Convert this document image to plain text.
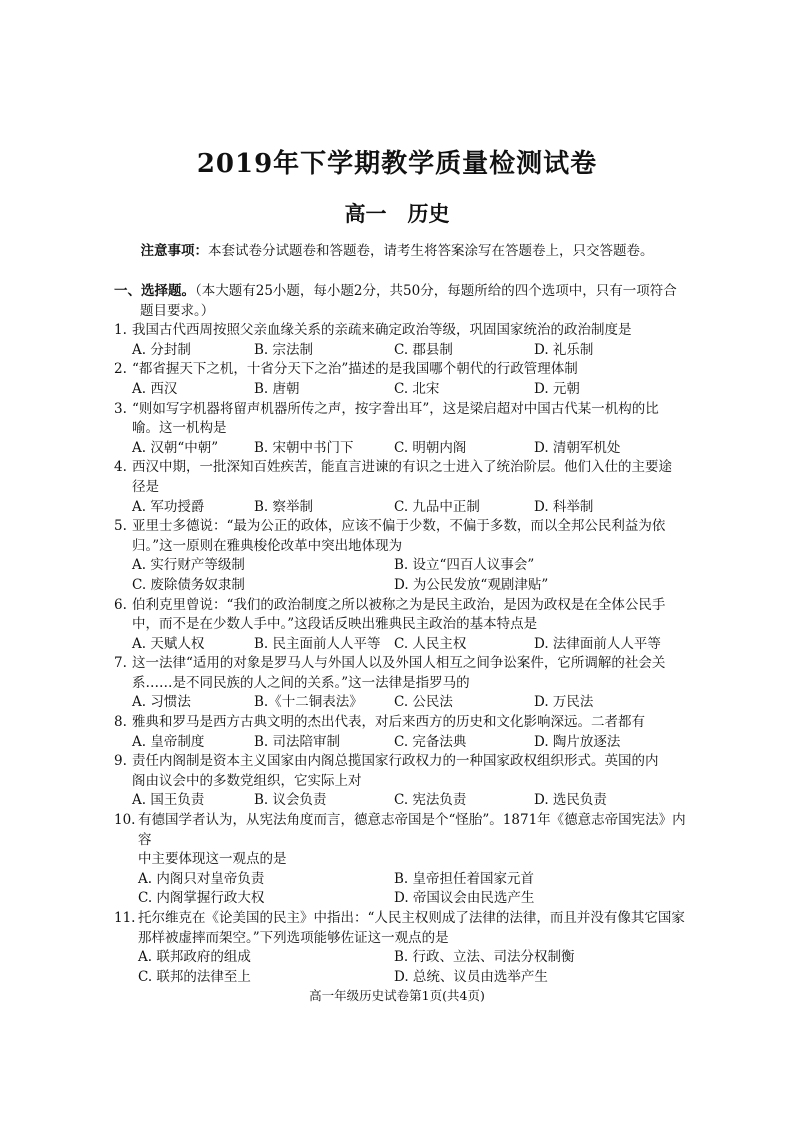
2019年下学期教学质量检测试卷
高一　历史
注意事项：本套试卷分试题卷和答题卷，请考生将答案涂写在答题卷上，只交答题卷。
一、选择题。（本大题有25小题，每小题2分，共50分，每题所给的四个选项中，只有一项符合
题目要求。）
1. 我国古代西周按照父亲血缘关系的亲疏来确定政治等级，巩固国家统治的政治制度是
A. 分封制	B. 宗法制	C. 郡县制	D. 礼乐制
2. “都省握天下之机，十省分天下之治”描述的是我国哪个朝代的行政管理体制
A. 西汉	B. 唐朝	C. 北宋	D. 元朝
3. “则如写字机器将留声机器所传之声，按字誊出耳”，这是梁启超对中国古代某一机构的比
喻。这一机构是
A. 汉朝“中朝”	B. 宋朝中书门下	C. 明朝内阁	D. 清朝军机处
4. 西汉中期，一批深知百姓疾苦，能直言进谏的有识之士进入了统治阶层。他们入仕的主要途
径是
A. 军功授爵	B. 察举制	C. 九品中正制	D. 科举制
5. 亚里士多德说：“最为公正的政体，应该不偏于少数，不偏于多数，而以全邦公民利益为依
归。”这一原则在雅典梭伦改革中突出地体现为
A. 实行财产等级制	B. 设立“四百人议事会”
C. 废除债务奴隶制	D. 为公民发放“观剧津贴”
6. 伯利克里曾说：“我们的政治制度之所以被称之为是民主政治，是因为政权是在全体公民手
中，而不是在少数人手中。”这段话反映出雅典民主政治的基本特点是
A. 天赋人权	B. 民主面前人人平等 C. 人民主权	D. 法律面前人人平等
7. 这一法律“适用的对象是罗马人与外国人以及外国人相互之间争讼案件，它所调解的社会关
系……是不同民族的人之间的关系。”这一法律是指罗马的
A. 习惯法	B.《十二铜表法》 C. 公民法	D. 万民法
8. 雅典和罗马是西方古典文明的杰出代表，对后来西方的历史和文化影响深远。二者都有
A. 皇帝制度	B. 司法陪审制	C. 完备法典	D. 陶片放逐法
9. 责任内阁制是资本主义国家由内阁总揽国家行政权力的一种国家政权组织形式。英国的内
阁由议会中的多数党组织，它实际上对
A. 国王负责	B. 议会负责	C. 宪法负责	D. 选民负责
10. 有德国学者认为，从宪法角度而言，德意志帝国是个“怪胎”。1871年《德意志帝国宪法》内容
中主要体现这一观点的是
A. 内阁只对皇帝负责	B. 皇帝担任着国家元首
C. 内阁掌握行政大权	D. 帝国议会由民选产生
11. 托尔维克在《论美国的民主》中指出：“人民主权则成了法律的法律，而且并没有像其它国家
那样被虚摔而架空。”下列选项能够佐证这一观点的是
A. 联邦政府的组成	B. 行政、立法、司法分权制衡
C. 联邦的法律至上	D. 总统、议员由选举产生
高一年级历史试卷第1页(共4页)
